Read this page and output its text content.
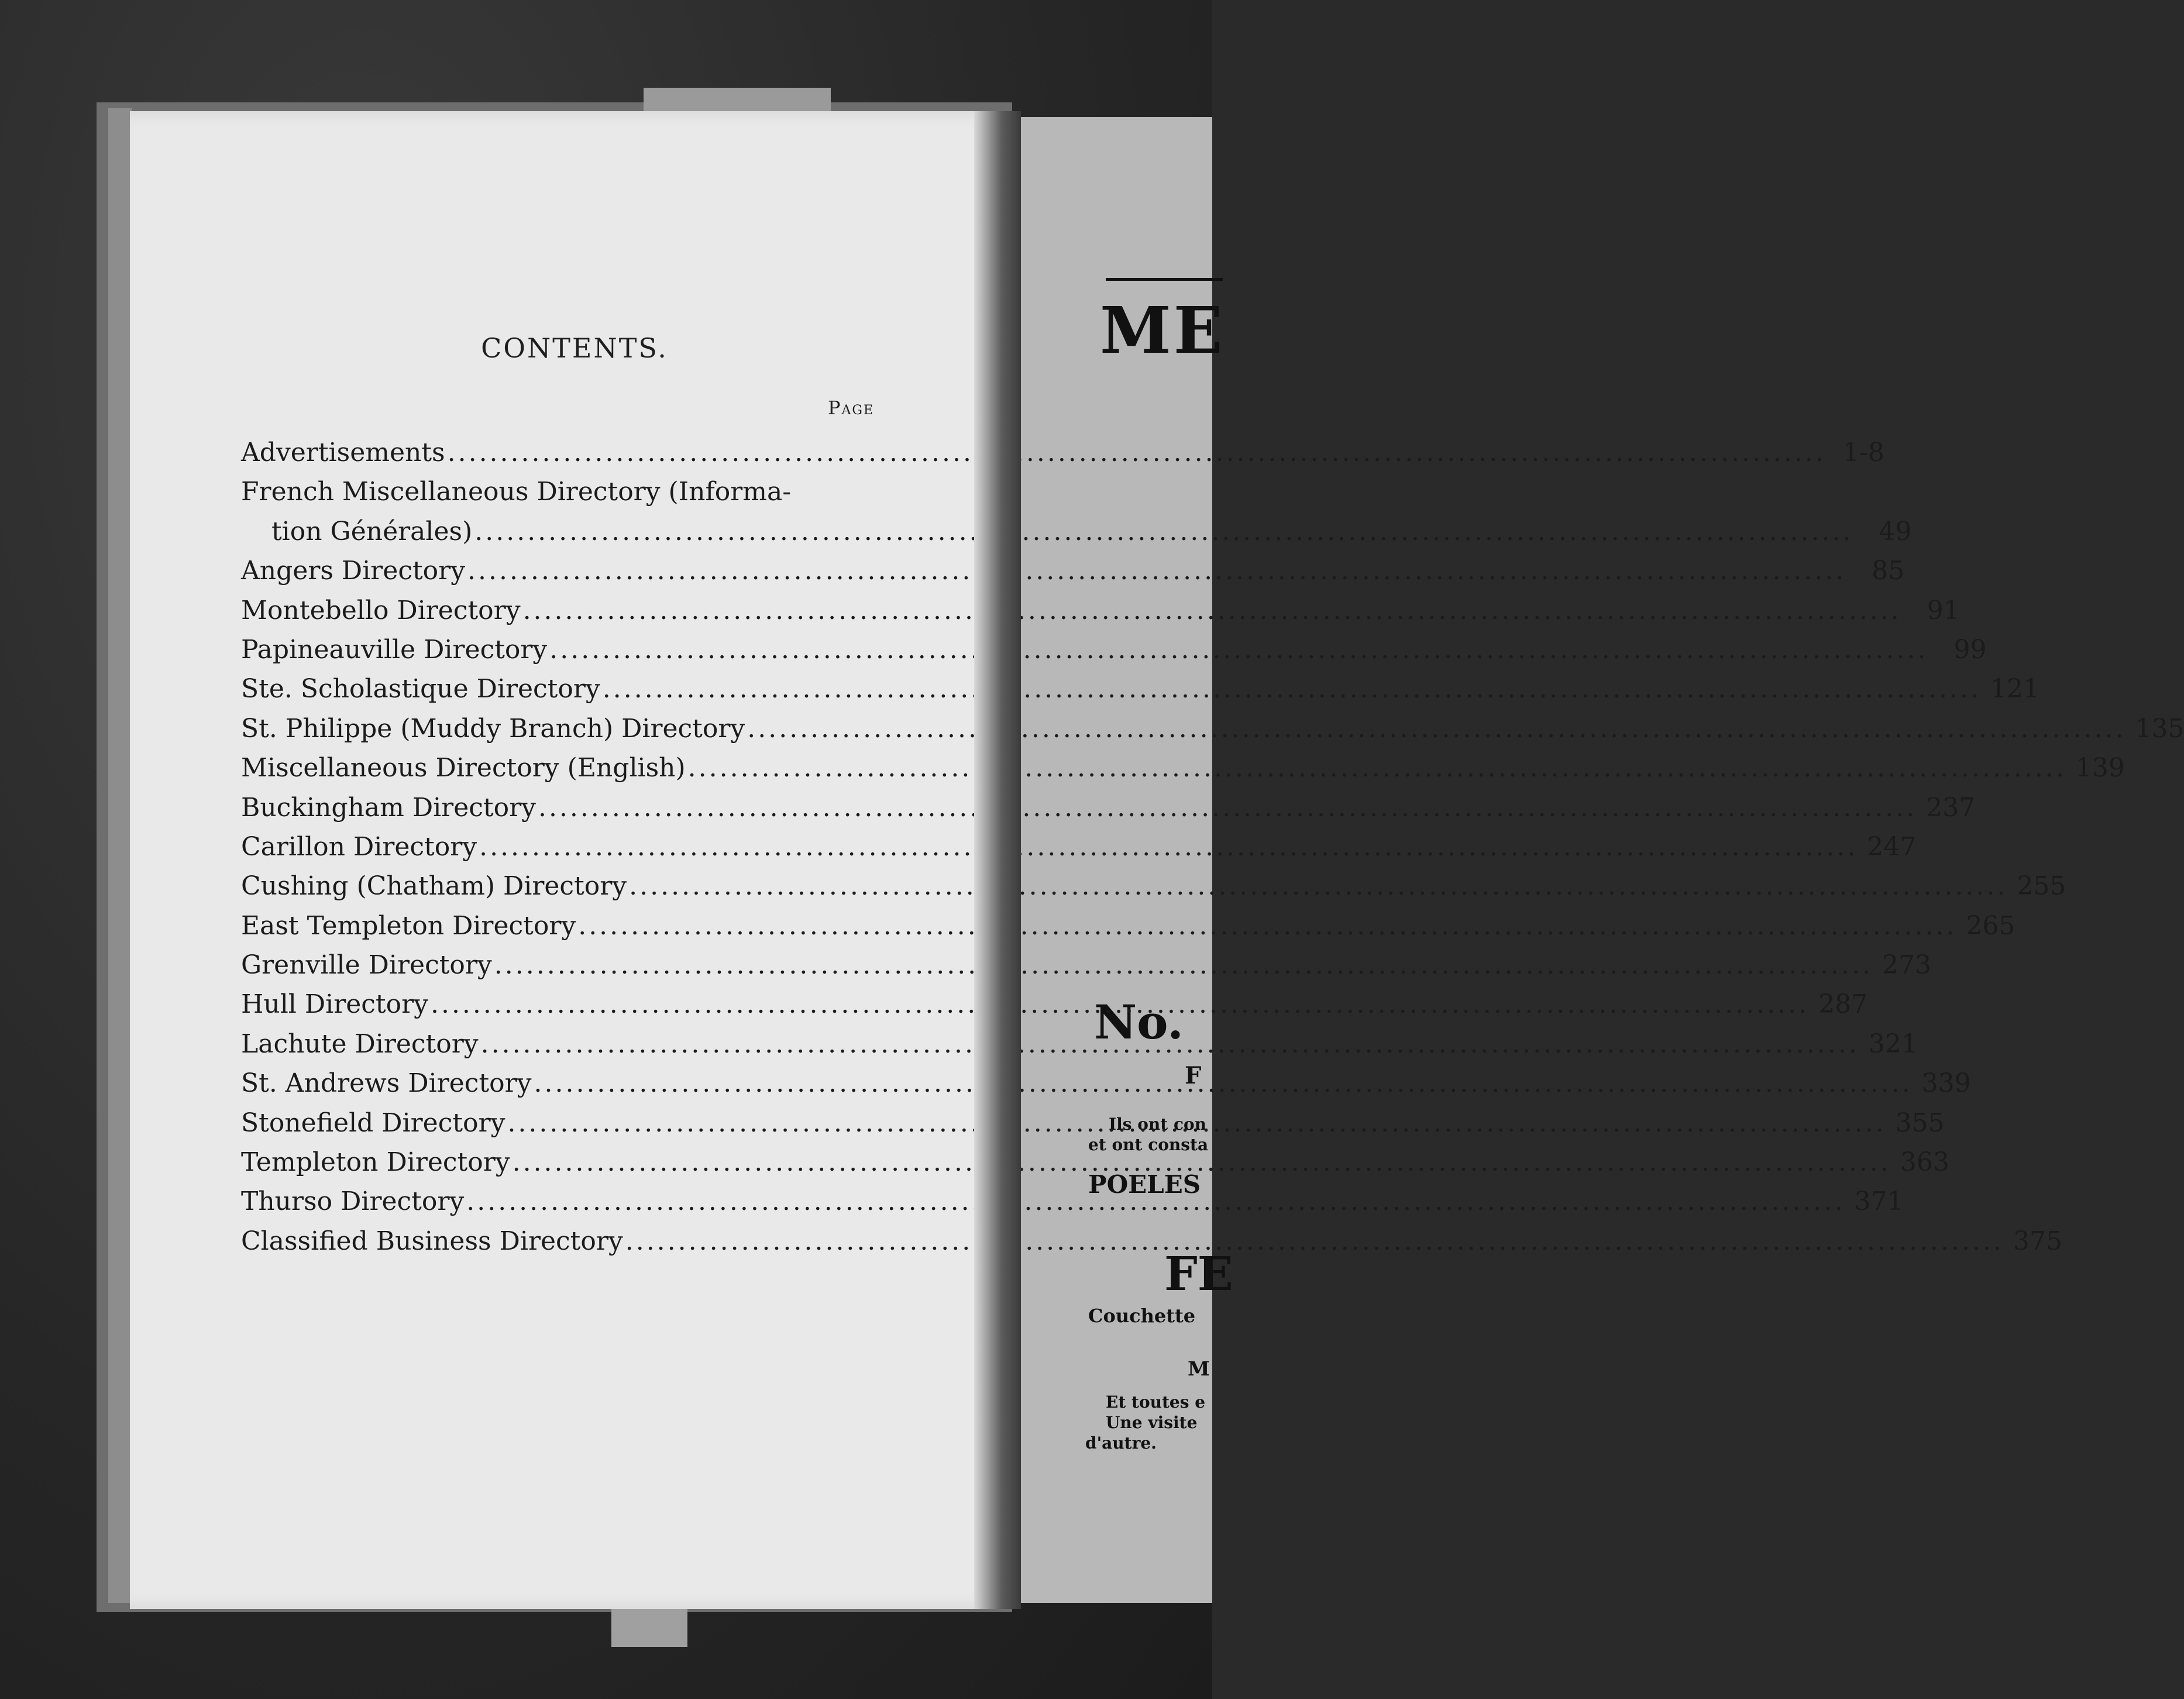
ME
No.
F
Ils ont con
et ont consta
POELES
FE
Couchette
M
Et toutes e
Une visite
d'autre.
CONTENTS.
Page
Advertisements .....	1-8
French Miscellaneous Directory (Informa-
tion Générales) .....	49
Angers Directory .....	85
Montebello Directory .....	91
Papineauville Directory .....	99
Ste. Scholastique Directory .....	121
St. Philippe (Muddy Branch) Directory .....	135
Miscellaneous Directory (English) .....	139
Buckingham Directory .....	237
Carillon Directory .....	247
Cushing (Chatham) Directory .....	255
East Templeton Directory .....	265
Grenville Directory .....	273
Hull Directory .....	287
Lachute Directory .....	321
St. Andrews Directory .....	339
Stonefield Directory .....	355
Templeton Directory .....	363
Thurso Directory .....	371
Classified Business Directory .....	375
